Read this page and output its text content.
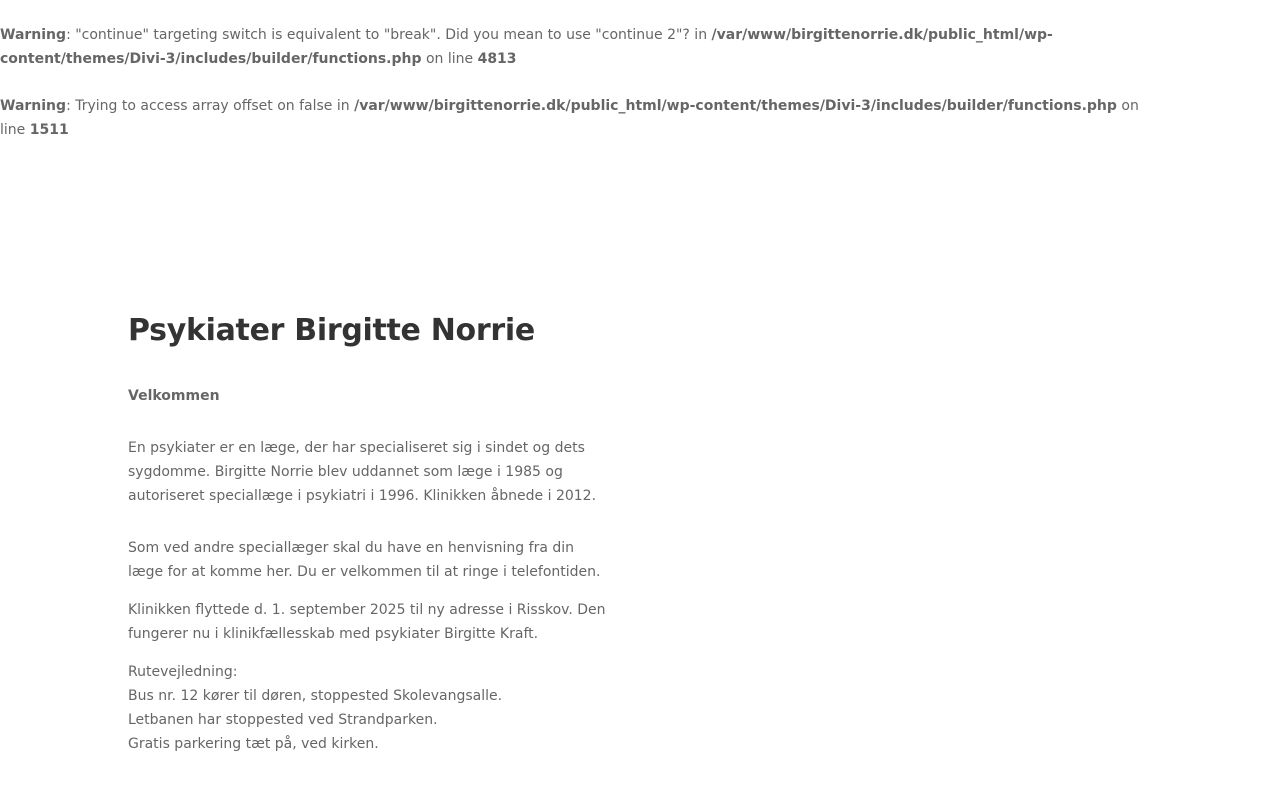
Warning: "continue" targeting switch is equivalent to "break". Did you mean to use "continue 2"? in /var/www/birgittenorrie.dk/public_html/wp-content/themes/Divi-3/includes/builder/functions.php on line 4813
Warning: Trying to access array offset on false in /var/www/birgittenorrie.dk/public_html/wp-content/themes/Divi-3/includes/builder/functions.php on line 1511
Psykiater Birgitte Norrie
Velkommen

En psykiater er en læge, der har specialiseret sig i sindet og dets sygdomme. Birgitte Norrie blev uddannet som læge i 1985 og autoriseret speciallæge i psykiatri i 1996. Klinikken åbnede i 2012.

Som ved andre speciallæger skal du have en henvisning fra din læge for at komme her. Du er velkommen til at ringe i telefontiden.

Klinikken flyttede d. 1. september 2025 til ny adresse i Risskov. Den fungerer nu i klinikfællesskab med psykiater Birgitte Kraft.

Rutevejledning:
Bus nr. 12 kører til døren, stoppested Skolevangsalle.
Letbanen har stoppested ved Strandparken.
Gratis parkering tæt på, ved kirken.
